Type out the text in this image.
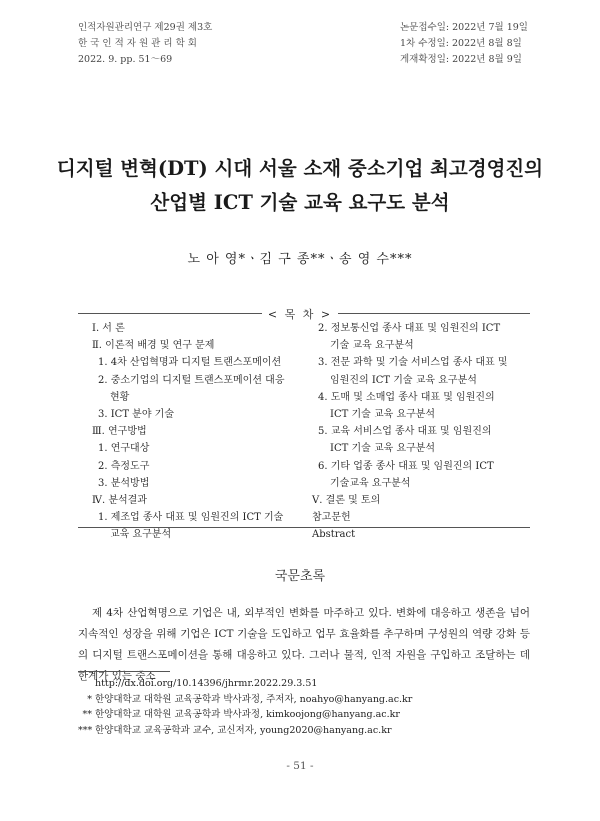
인적자원관리연구 제29권 제3호
한 국 인 적 자 원 관 리 학 회
2022. 9. pp. 51～69
논문접수일: 2022년 7월 19일
1차 수정일: 2022년 8월 8일
게재확정일: 2022년 8월 9일
디지털 변혁(DT) 시대 서울 소재 중소기업 최고경영진의
산업별 ICT 기술 교육 요구도 분석
노 아 영*ㆍ김 구 종**ㆍ송 영 수***
< 목 차 >
Ⅰ. 서 론
Ⅱ. 이론적 배경 및 연구 문제
1. 4차 산업혁명과 디지털 트랜스포메이션
2. 중소기업의 디지털 트랜스포메이션 대응
현황
3. ICT 분야 기술
Ⅲ. 연구방법
1. 연구대상
2. 측정도구
3. 분석방법
Ⅳ. 분석결과
1. 제조업 종사 대표 및 임원진의 ICT 기술
교육 요구분석
2. 정보통신업 종사 대표 및 임원진의 ICT
기술 교육 요구분석
3. 전문 과학 및 기술 서비스업 종사 대표 및
임원진의 ICT 기술 교육 요구분석
4. 도매 및 소매업 종사 대표 및 임원진의
ICT 기술 교육 요구분석
5. 교육 서비스업 종사 대표 및 임원진의
ICT 기술 교육 요구분석
6. 기타 업종 종사 대표 및 임원진의 ICT
기술교육 요구분석
Ⅴ. 결론 및 토의
참고문헌
Abstract
국문초록

제 4차 산업혁명으로 기업은 내, 외부적인 변화를 마주하고 있다. 변화에 대응하고 생존을 넘어 지속적인 성장을 위해 기업은 ICT 기술을 도입하고 업무 효율화를 추구하며 구성원의 역량 강화 등의 디지털 트랜스포메이션을 통해 대응하고 있다. 그러나 물적, 인적 자원을 구입하고 조달하는 데 한계가 있는 중소

http://dx.doi.org/10.14396/jhrmr.2022.29.3.51
* 한양대학교 대학원 교육공학과 박사과정, 주저자, noahyo@hanyang.ac.kr
** 한양대학교 대학원 교육공학과 박사과정, kimkoojong@hanyang.ac.kr
*** 한양대학교 교육공학과 교수, 교신저자, young2020@hanyang.ac.kr
- 51 -
